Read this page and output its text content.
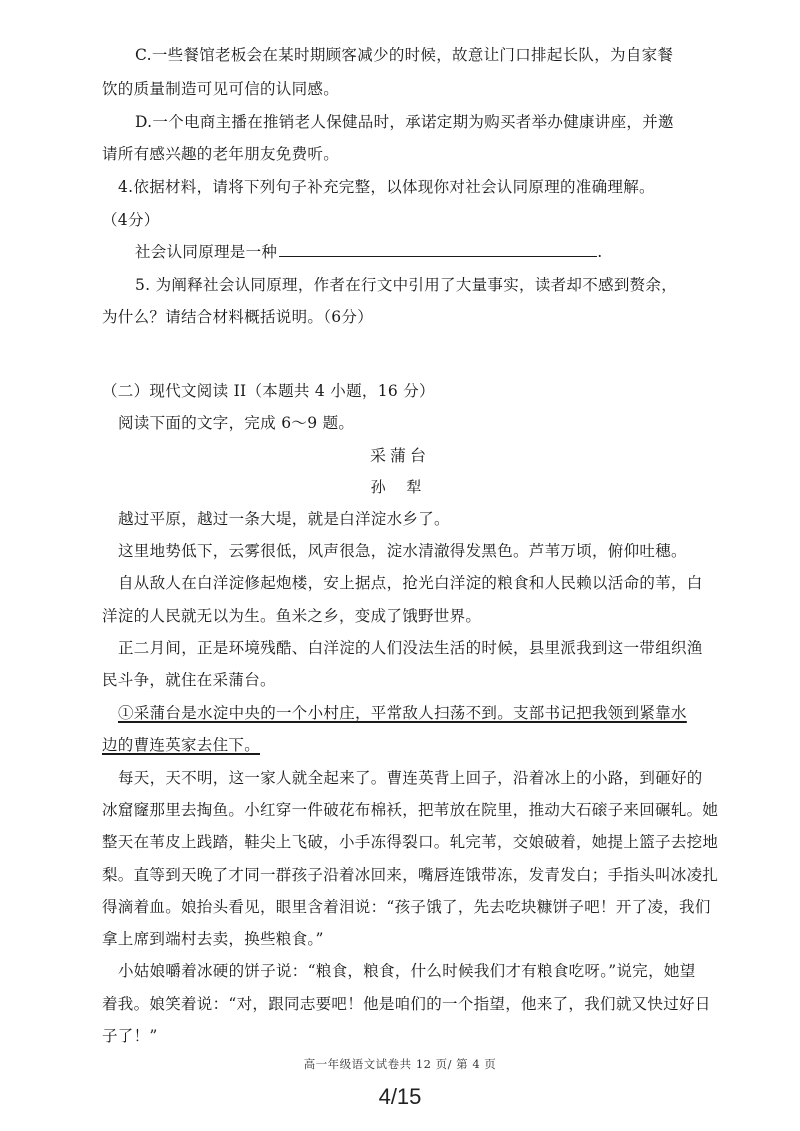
C.一些餐馆老板会在某时期顾客减少的时候，故意让门口排起长队，为自家餐
饮的质量制造可见可信的认同感。
D.一个电商主播在推销老人保健品时，承诺定期为购买者举办健康讲座，并邀
请所有感兴趣的老年朋友免费听。
4.依据材料，请将下列句子补充完整，以体现你对社会认同原理的准确理解。
（4分）
社会认同原理是一种	.
5. 为阐释社会认同原理，作者在行文中引用了大量事实，读者却不感到赘余，
为什么？请结合材料概括说明。（6分）
（二）现代文阅读 II（本题共 4 小题，16 分）
阅读下面的文字，完成 6～9 题。
采蒲台
孙 犁
越过平原，越过一条大堤，就是白洋淀水乡了。
这里地势低下，云雾很低，风声很急，淀水清澈得发黑色。芦苇万顷，俯仰吐穗。
自从敌人在白洋淀修起炮楼，安上据点，抢光白洋淀的粮食和人民赖以活命的苇，白
洋淀的人民就无以为生。鱼米之乡，变成了饿野世界。
正二月间，正是环境残酷、白洋淀的人们没法生活的时候，县里派我到这一带组织渔
民斗争，就住在采蒲台。
①采蒲台是水淀中央的一个小村庄，平常敌人扫荡不到。支部书记把我领到紧靠水
边的曹连英家去住下。
每天，天不明，这一家人就全起来了。曹连英背上回子，沿着冰上的小路，到砸好的
冰窟窿那里去掏鱼。小红穿一件破花布棉袄，把苇放在院里，推动大石磙子来回碾轧。她
整天在苇皮上践踏，鞋尖上飞破，小手冻得裂口。轧完苇，交娘破着，她提上篮子去挖地
梨。直等到天晚了才同一群孩子沿着冰回来，嘴唇连饿带冻，发青发白；手指头叫冰凌扎
得滴着血。娘抬头看见，眼里含着泪说：“孩子饿了，先去吃块糠饼子吧！开了凌，我们
拿上席到端村去卖，换些粮食。”
小姑娘嚼着冰硬的饼子说：“粮食，粮食，什么时候我们才有粮食吃呀。”说完，她望
着我。娘笑着说：“对，跟同志要吧！他是咱们的一个指望，他来了，我们就又快过好日
子了！”
高一年级语文试卷共 12 页/ 第 4 页
4/15
